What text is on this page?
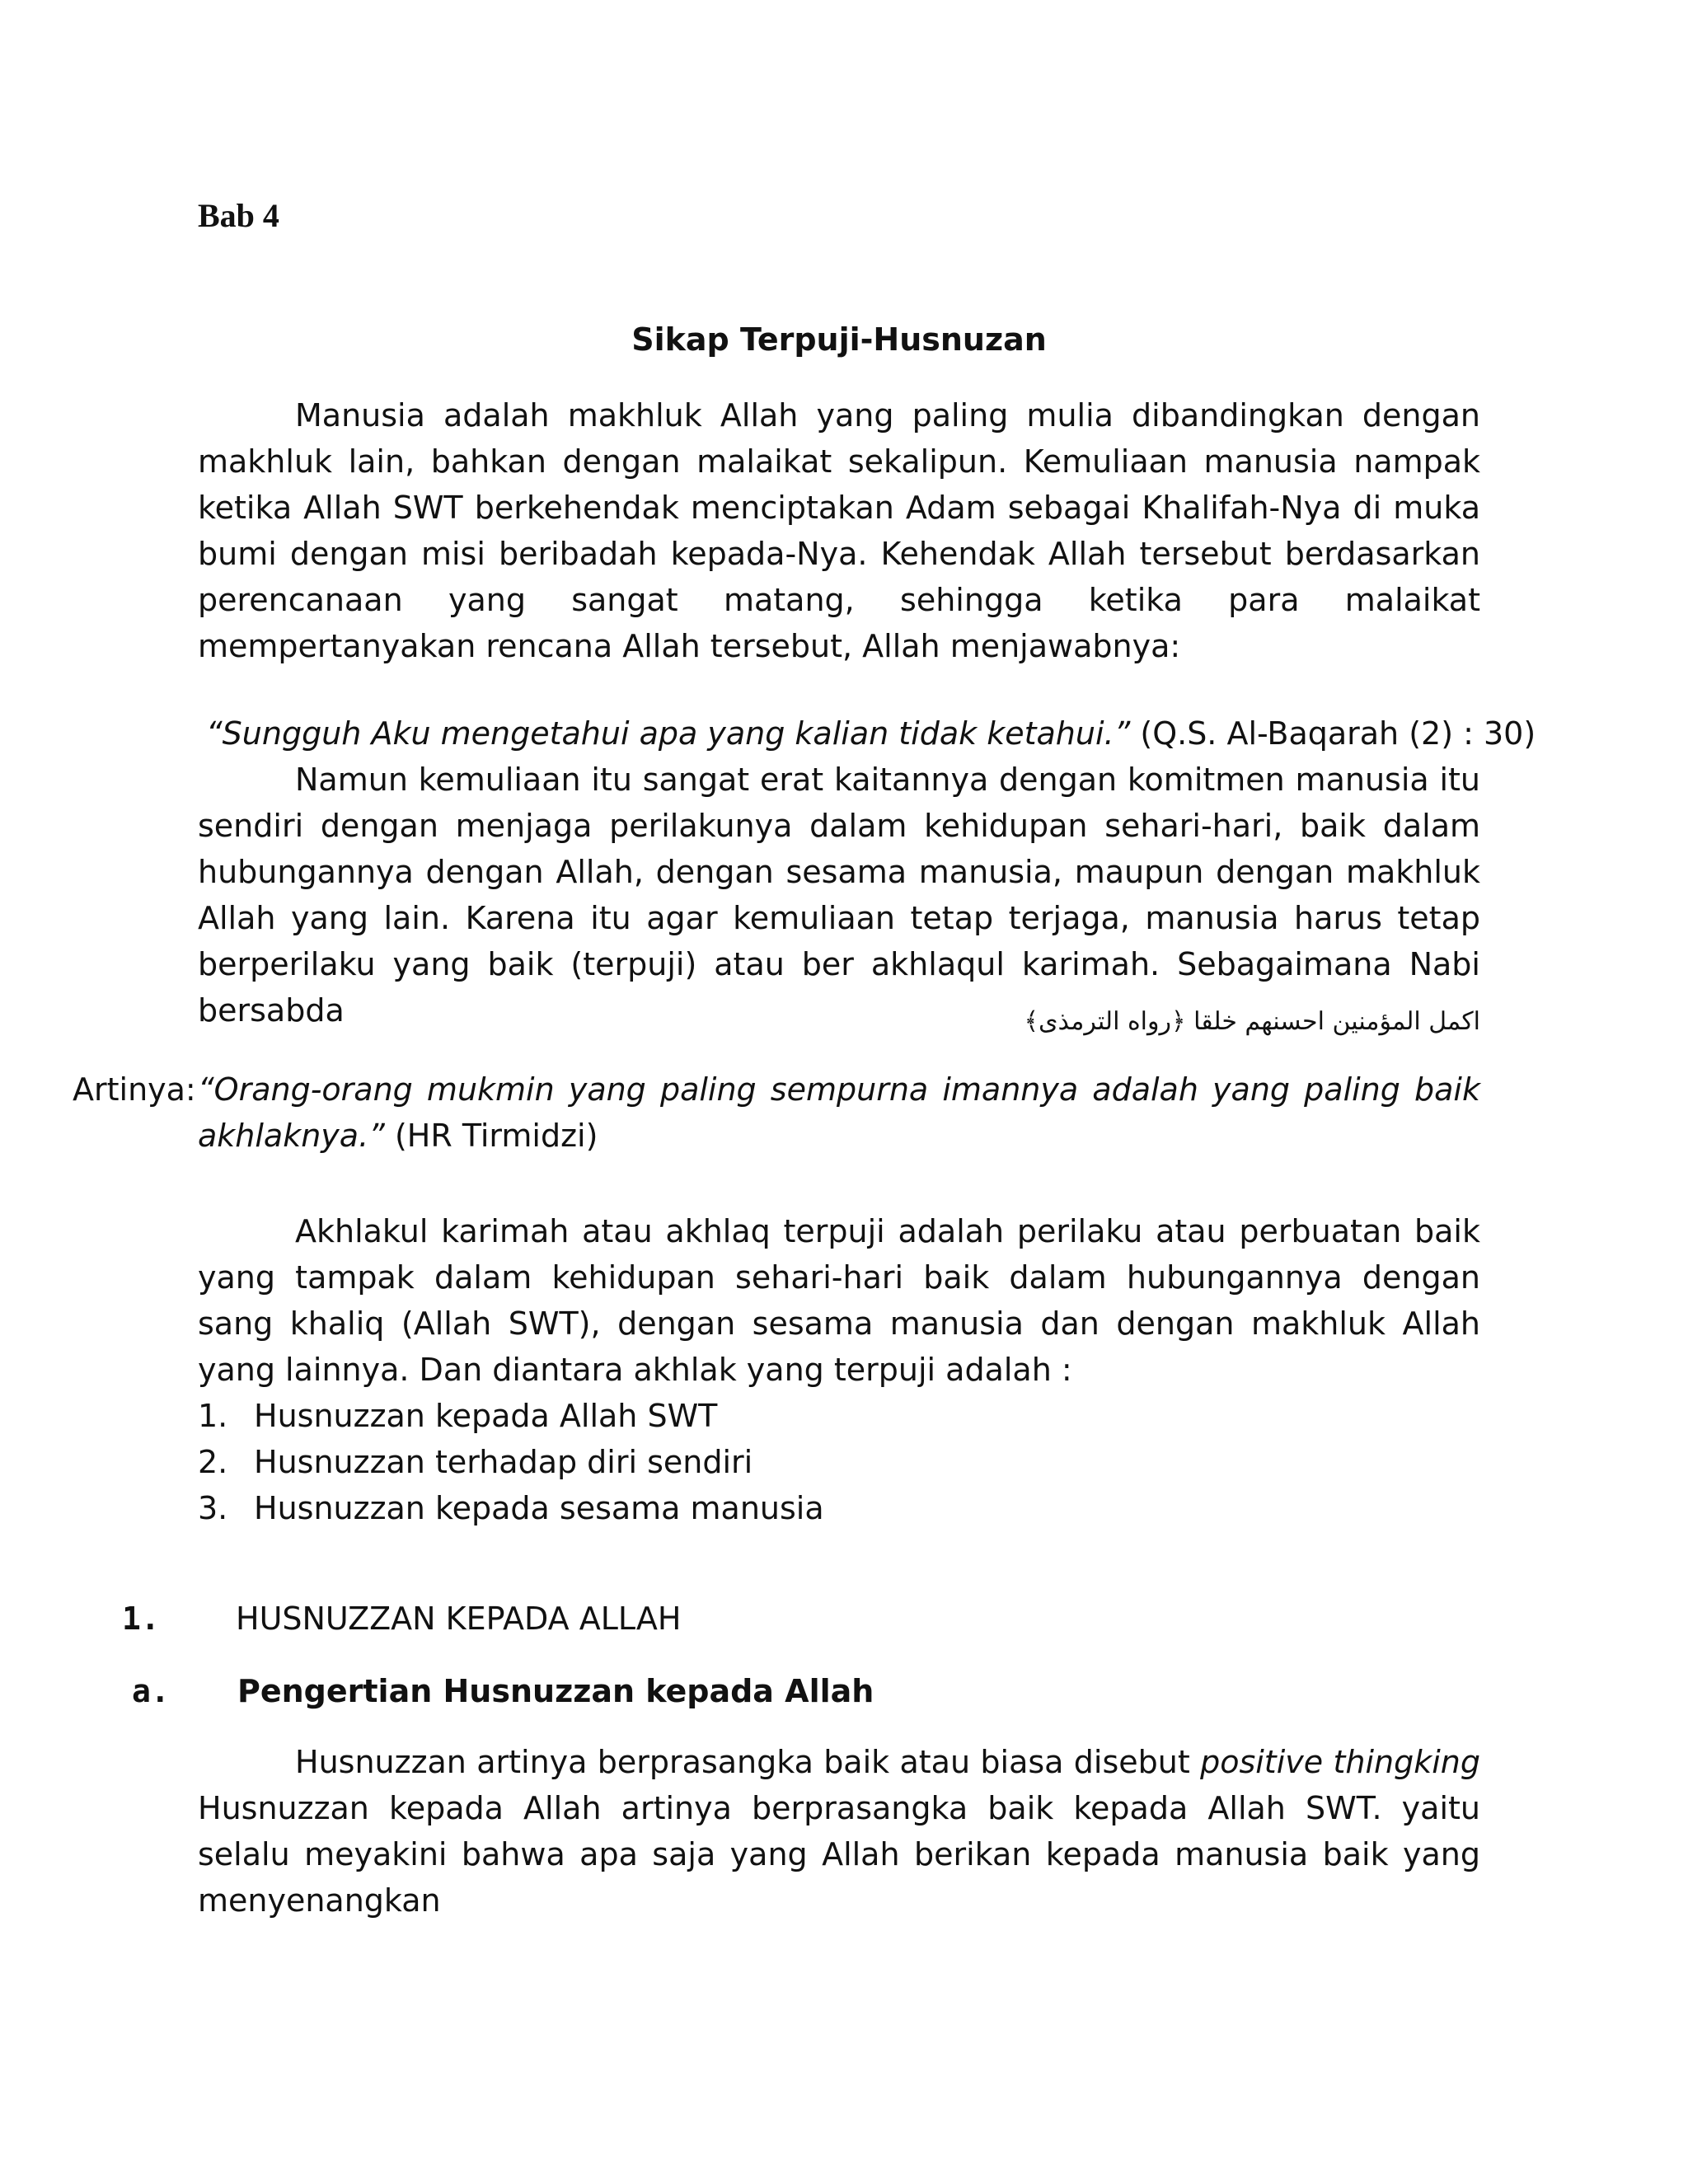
Bab 4
Sikap Terpuji-Husnuzan

Manusia adalah makhluk Allah yang paling mulia dibandingkan dengan makhluk lain, bahkan dengan malaikat sekalipun. Kemuliaan manusia nampak ketika Allah SWT berkehendak menciptakan Adam sebagai Khalifah-Nya di muka bumi dengan misi beribadah kepada-Nya. Kehendak Allah tersebut berdasarkan perencanaan yang sangat matang, sehingga ketika para malaikat mempertanyakan rencana Allah tersebut, Allah menjawabnya:

“Sungguh Aku mengetahui apa yang kalian tidak ketahui.” (Q.S. Al-Baqarah (2) : 30)

Namun kemuliaan itu sangat erat kaitannya dengan komitmen manusia itu sendiri dengan menjaga perilakunya dalam kehidupan sehari-hari, baik dalam hubungannya dengan Allah, dengan sesama manusia, maupun dengan makhluk Allah yang lain. Karena itu agar kemuliaan tetap terjaga, manusia harus tetap berperilaku yang baik (terpuji) atau ber akhlaqul karimah. Sebagaimana Nabi bersabda	اكمل المؤمنين احسنهم خلقا ﴿رواه الترمذى﴾

Artinya: “Orang-orang mukmin yang paling sempurna imannya adalah yang paling baik akhlaknya.” (HR Tirmidzi)

Akhlakul karimah atau akhlaq terpuji adalah perilaku atau perbuatan baik yang tampak dalam kehidupan sehari-hari baik dalam hubungannya dengan sang khaliq (Allah SWT), dengan sesama manusia dan dengan makhluk Allah yang lainnya. Dan diantara akhlak yang terpuji adalah :

1. Husnuzzan kepada Allah SWT
2. Husnuzzan terhadap diri sendiri
3. Husnuzzan kepada sesama manusia
1.	HUSNUZZAN KEPADA ALLAH
a.	Pengertian Husnuzzan kepada Allah

Husnuzzan artinya berprasangka baik atau biasa disebut positive thingking Husnuzzan kepada Allah artinya berprasangka baik kepada Allah SWT. yaitu selalu meyakini bahwa apa saja yang Allah berikan kepada manusia baik yang menyenangkan
